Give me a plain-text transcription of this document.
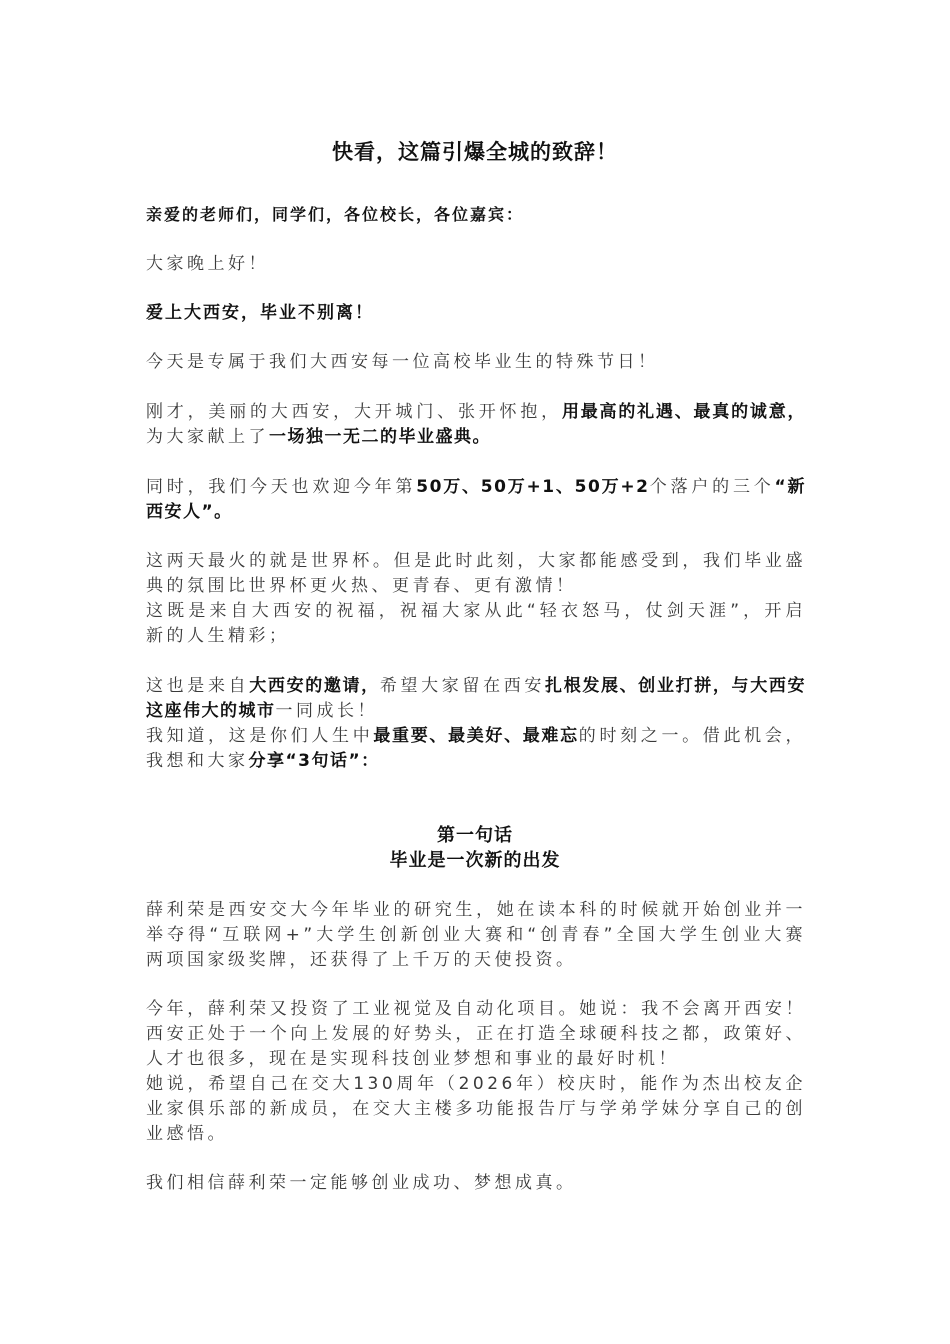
快看，这篇引爆全城的致辞！
亲爱的老师们，同学们，各位校长，各位嘉宾：
大家晚上好！
爱上大西安，毕业不别离！
今天是专属于我们大西安每一位高校毕业生的特殊节日！
刚才，美丽的大西安，大开城门、张开怀抱，用最高的礼遇、最真的诚意，为大家献上了一场独一无二的毕业盛典。
同时，我们今天也欢迎今年第50万、50万+1、50万+2个落户的三个“新西安人”。
这两天最火的就是世界杯。但是此时此刻，大家都能感受到，我们毕业盛典的氛围比世界杯更火热、更青春、更有激情！
这既是来自大西安的祝福，祝福大家从此“轻衣怒马，仗剑天涯”，开启新的人生精彩；
这也是来自大西安的邀请，希望大家留在西安扎根发展、创业打拼，与大西安这座伟大的城市一同成长！
我知道，这是你们人生中最重要、最美好、最难忘的时刻之一。借此机会，我想和大家分享“3句话”：
第一句话
毕业是一次新的出发
薛利荣是西安交大今年毕业的研究生，她在读本科的时候就开始创业并一举夺得“互联网+”大学生创新创业大赛和“创青春”全国大学生创业大赛两项国家级奖牌，还获得了上千万的天使投资。
今年，薛利荣又投资了工业视觉及自动化项目。她说：我不会离开西安！西安正处于一个向上发展的好势头，正在打造全球硬科技之都，政策好、人才也很多，现在是实现科技创业梦想和事业的最好时机！
她说，希望自己在交大130周年（2026年）校庆时，能作为杰出校友企业家俱乐部的新成员，在交大主楼多功能报告厅与学弟学妹分享自己的创业感悟。
我们相信薛利荣一定能够创业成功、梦想成真。
